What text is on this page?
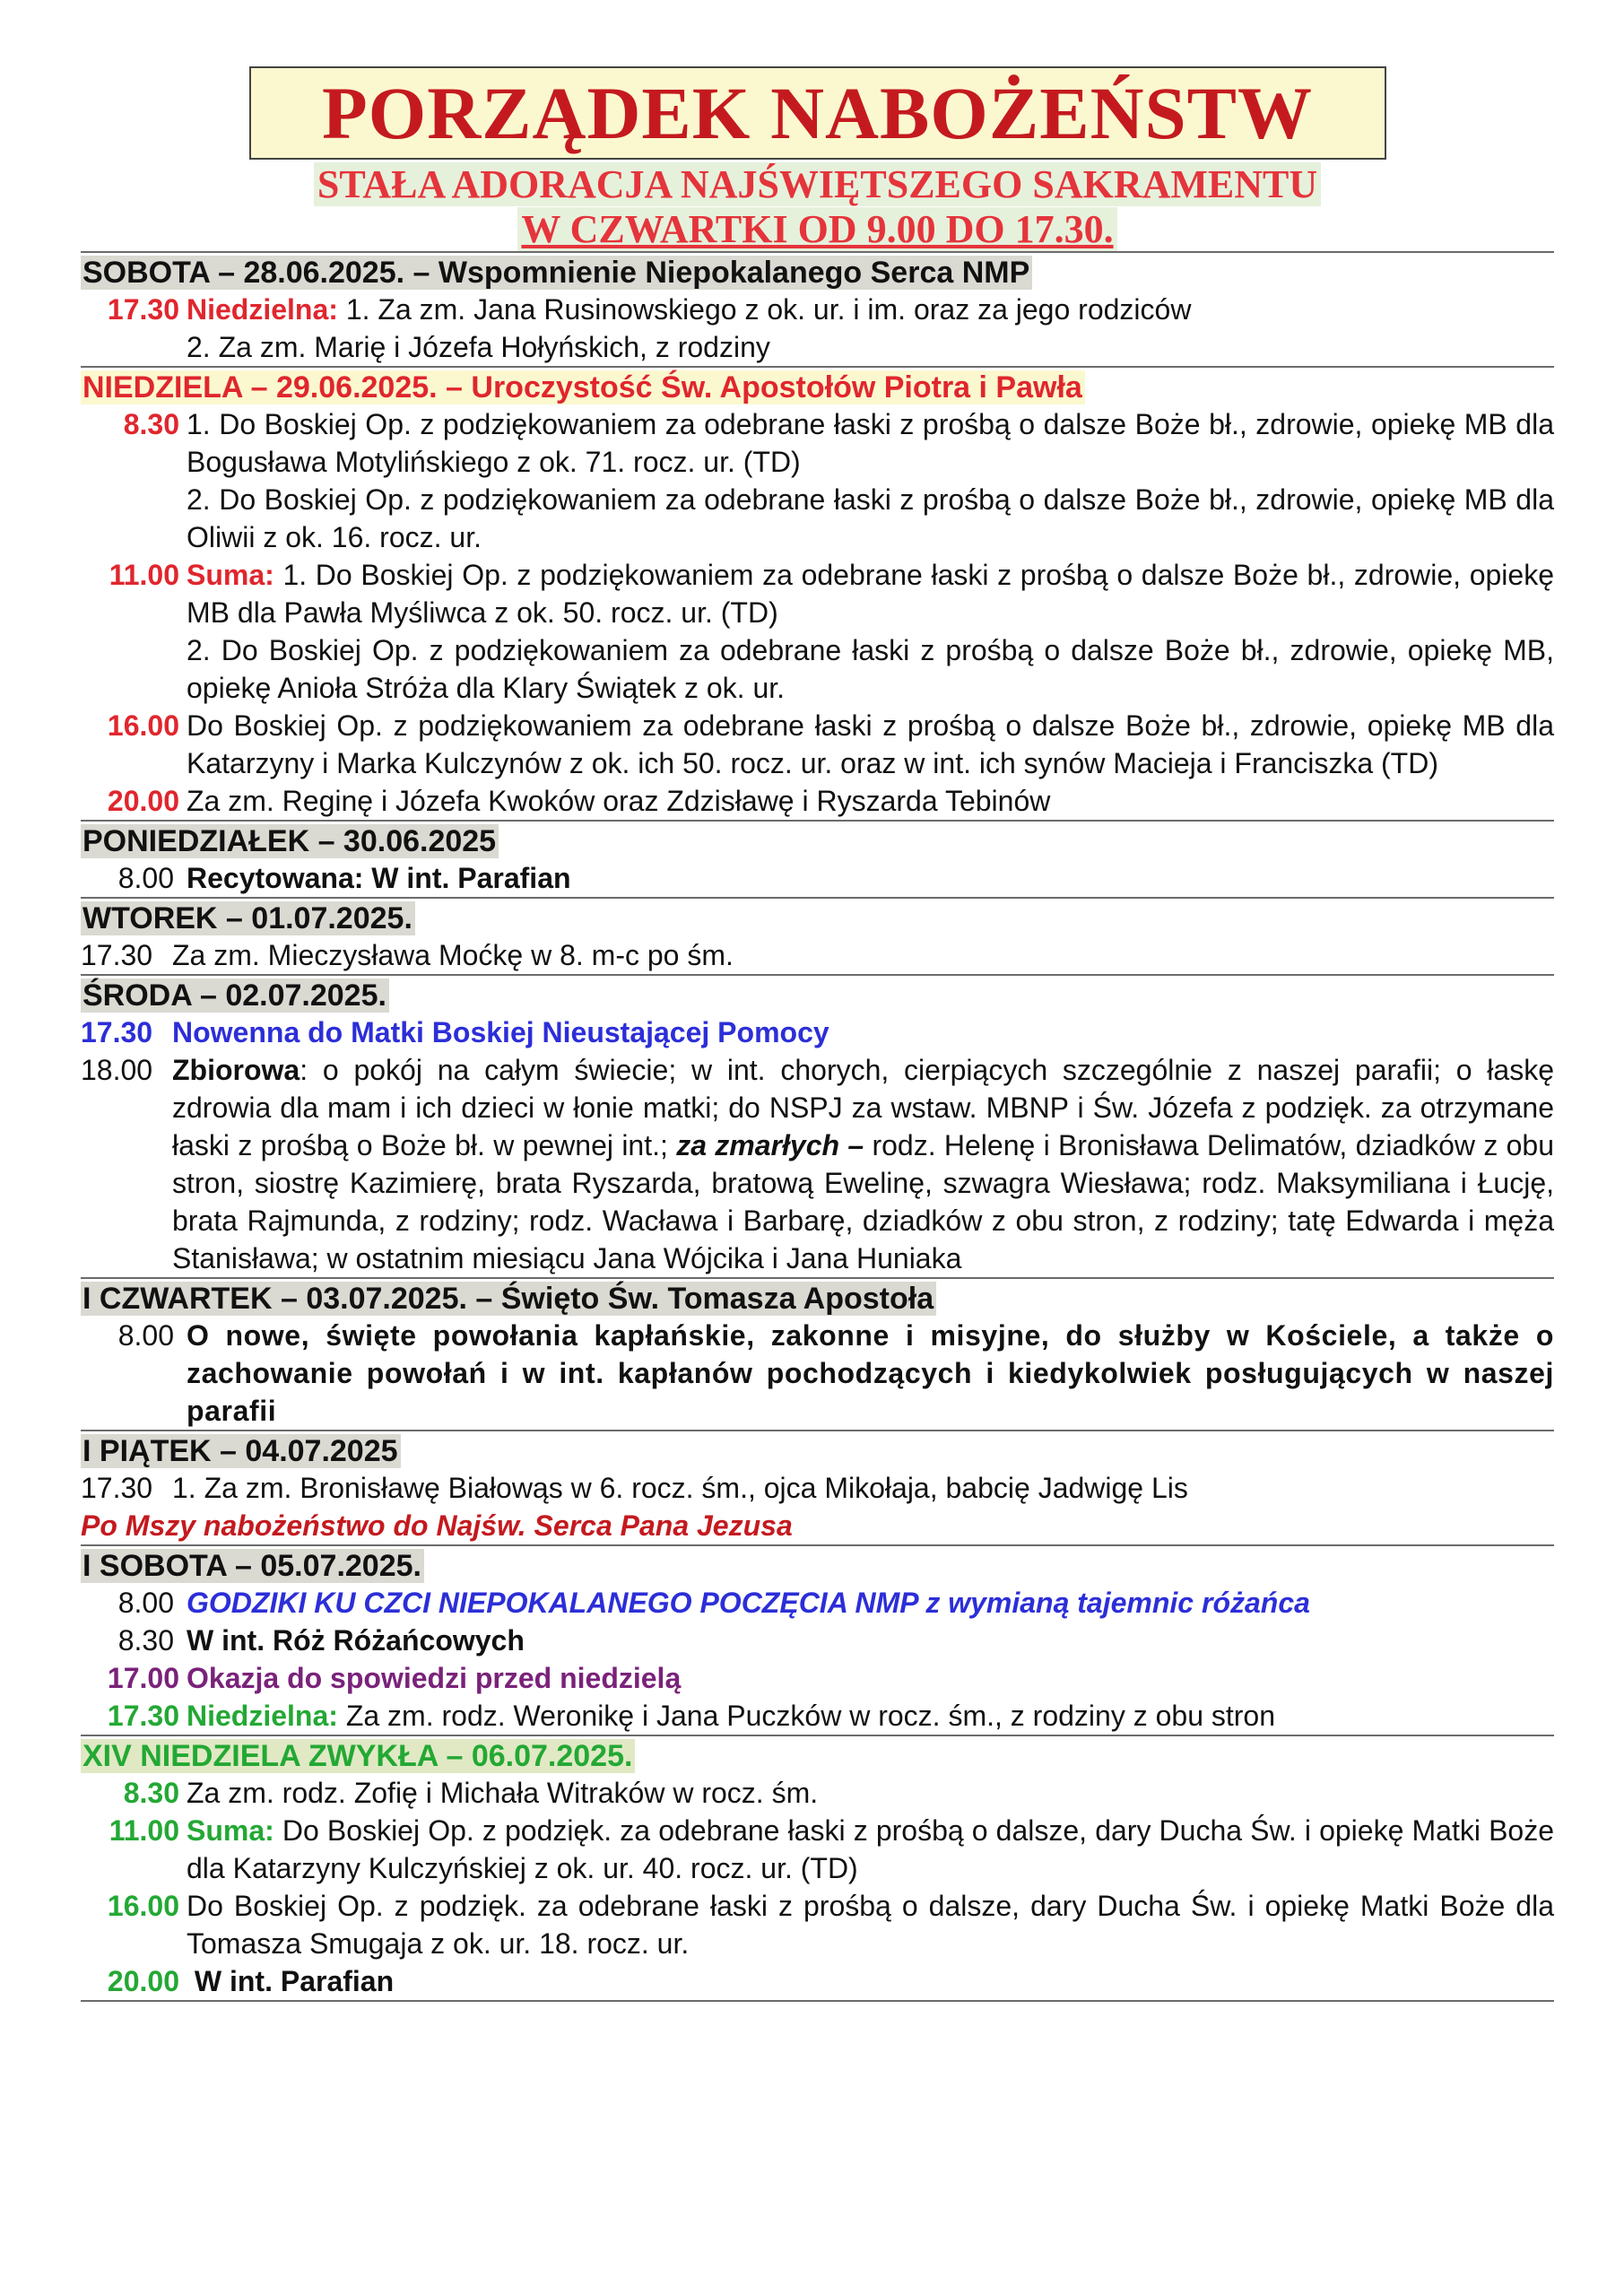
PORZĄDEK NABOŻEŃSTW
STAŁA ADORACJA NAJŚWIĘTSZEGO SAKRAMENTU
W CZWARTKI OD 9.00 DO 17.30.
SOBOTA – 28.06.2025. – Wspomnienie Niepokalanego Serca NMP
17.30 Niedzielna: 1. Za zm. Jana Rusinowskiego z ok. ur. i im. oraz za jego rodziców
2. Za zm. Marię i Józefa Hołyńskich, z rodziny
NIEDZIELA – 29.06.2025. – Uroczystość Św. Apostołów Piotra i Pawła
8.30 1. Do Boskiej Op. z podziękowaniem za odebrane łaski z prośbą o dalsze Boże bł., zdrowie, opiekę MB dla Bogusława Motylińskiego z ok. 71. rocz. ur. (TD)
2. Do Boskiej Op. z podziękowaniem za odebrane łaski z prośbą o dalsze Boże bł., zdrowie, opiekę MB dla Oliwii z ok. 16. rocz. ur.
11.00 Suma: 1. Do Boskiej Op. z podziękowaniem za odebrane łaski z prośbą o dalsze Boże bł., zdrowie, opiekę MB dla Pawła Myśliwca z ok. 50. rocz. ur. (TD)
2. Do Boskiej Op. z podziękowaniem za odebrane łaski z prośbą o dalsze Boże bł., zdrowie, opiekę MB, opiekę Anioła Stróża dla Klary Świątek z ok. ur.
16.00 Do Boskiej Op. z podziękowaniem za odebrane łaski z prośbą o dalsze Boże bł., zdrowie, opiekę MB dla Katarzyny i Marka Kulczynów z ok. ich 50. rocz. ur. oraz w int. ich synów Macieja i Franciszka (TD)
20.00 Za zm. Reginę i Józefa Kwoków oraz Zdzisławę i Ryszarda Tebinów
PONIEDZIAŁEK – 30.06.2025
8.00 Recytowana: W int. Parafian
WTOREK – 01.07.2025.
17.30 Za zm. Mieczysława Moćkę w 8. m-c po śm.
ŚRODA – 02.07.2025.
17.30 Nowenna do Matki Boskiej Nieustającej Pomocy
18.00 Zbiorowa: o pokój na całym świecie; w int. chorych, cierpiących szczególnie z naszej parafii; o łaskę zdrowia dla mam i ich dzieci w łonie matki; do NSPJ za wstaw. MBNP i Św. Józefa z podzięk. za otrzymane łaski z prośbą o Boże bł. w pewnej int.; za zmarłych – rodz. Helenę i Bronisława Delimatów, dziadków z obu stron, siostrę Kazimierę, brata Ryszarda, bratową Ewelinę, szwagra Wiesława; rodz. Maksymiliana i Łucję, brata Rajmunda, z rodziny; rodz. Wacława i Barbarę, dziadków z obu stron, z rodziny; tatę Edwarda i męża Stanisława; w ostatnim miesiącu Jana Wójcika i Jana Huniaka
I CZWARTEK – 03.07.2025. – Święto Św. Tomasza Apostoła
8.00 O nowe, święte powołania kapłańskie, zakonne i misyjne, do służby w Kościele, a także o zachowanie powołań i w int. kapłanów pochodzących i kiedykolwiek posługujących w naszej parafii
I PIĄTEK – 04.07.2025
17.30 1. Za zm. Bronisławę Białowąs w 6. rocz. śm., ojca Mikołaja, babcię Jadwigę Lis
Po Mszy nabożeństwo do Najśw. Serca Pana Jezusa
I SOBOTA – 05.07.2025.
8.00 GODZIKI KU CZCI NIEPOKALANEGO POCZĘCIA NMP z wymianą tajemnic różańca
8.30 W int. Róż Różańcowych
17.00 Okazja do spowiedzi przed niedzielą
17.30 Niedzielna: Za zm. rodz. Weronikę i Jana Puczków w rocz. śm., z rodziny z obu stron
XIV NIEDZIELA ZWYKŁA – 06.07.2025.
8.30 Za zm. rodz. Zofię i Michała Witraków w rocz. śm.
11.00 Suma: Do Boskiej Op. z podzięk. za odebrane łaski z prośbą o dalsze, dary Ducha Św. i opiekę Matki Boże dla Katarzyny Kulczyńskiej z ok. ur. 40. rocz. ur. (TD)
16.00 Do Boskiej Op. z podzięk. za odebrane łaski z prośbą o dalsze, dary Ducha Św. i opiekę Matki Boże dla Tomasza Smugaja z ok. ur. 18. rocz. ur.
20.00 W int. Parafian
